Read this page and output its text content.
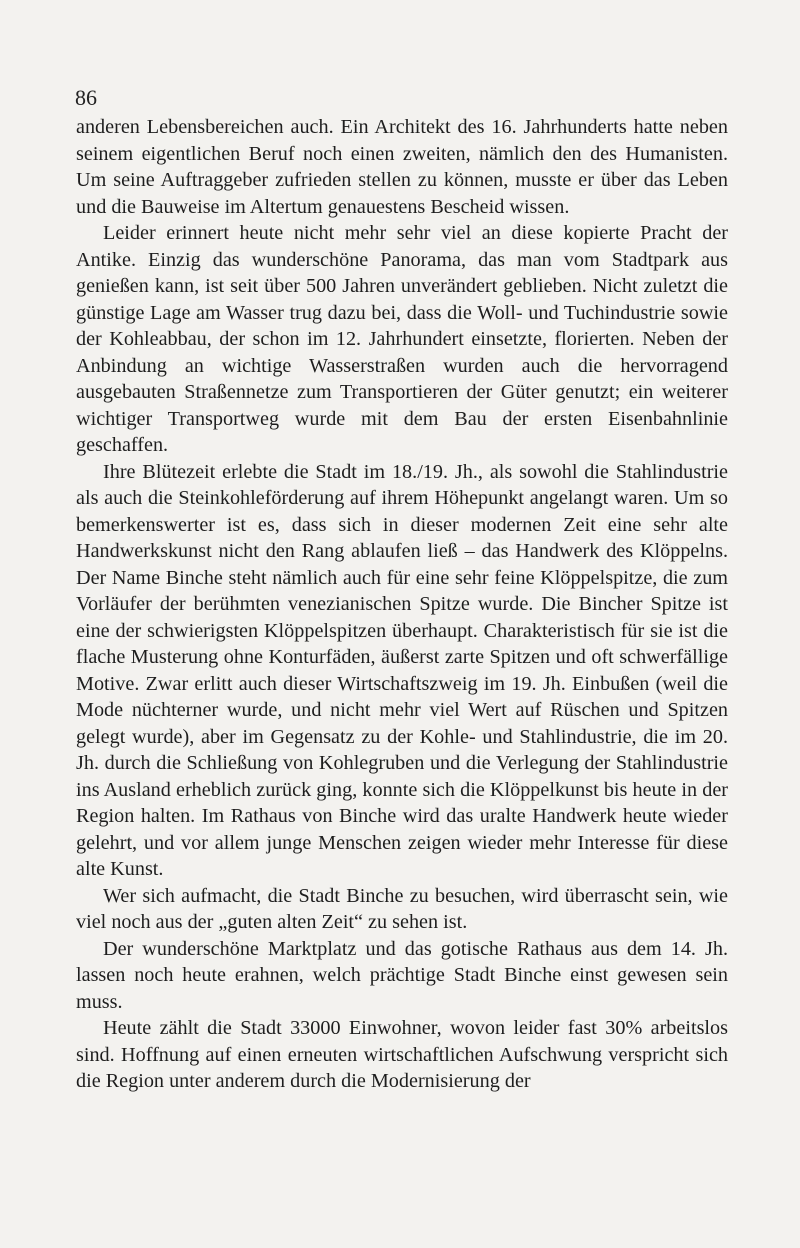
86

anderen Lebensbereichen auch. Ein Architekt des 16. Jahrhunderts hatte neben seinem eigentlichen Beruf noch einen zweiten, nämlich den des Humanisten. Um seine Auftraggeber zufrieden stellen zu können, musste er über das Leben und die Bauweise im Altertum genauestens Bescheid wissen.

Leider erinnert heute nicht mehr sehr viel an diese kopierte Pracht der Antike. Einzig das wunderschöne Panorama, das man vom Stadtpark aus genießen kann, ist seit über 500 Jahren unverändert geblieben. Nicht zuletzt die günstige Lage am Wasser trug dazu bei, dass die Woll- und Tuchindustrie sowie der Kohleabbau, der schon im 12. Jahrhundert einsetzte, florierten. Neben der Anbindung an wichtige Wasserstraßen wurden auch die hervorragend ausgebauten Straßennetze zum Transportieren der Güter genutzt; ein weiterer wichtiger Transportweg wurde mit dem Bau der ersten Eisenbahnlinie geschaffen.

Ihre Blütezeit erlebte die Stadt im 18./19. Jh., als sowohl die Stahlindustrie als auch die Steinkohleförderung auf ihrem Höhepunkt angelangt waren. Um so bemerkenswerter ist es, dass sich in dieser modernen Zeit eine sehr alte Handwerkskunst nicht den Rang ablaufen ließ – das Handwerk des Klöppelns. Der Name Binche steht nämlich auch für eine sehr feine Klöppelspitze, die zum Vorläufer der berühmten venezianischen Spitze wurde. Die Bincher Spitze ist eine der schwierigsten Klöppelspitzen überhaupt. Charakteristisch für sie ist die flache Musterung ohne Konturfäden, äußerst zarte Spitzen und oft schwerfällige Motive. Zwar erlitt auch dieser Wirtschaftszweig im 19. Jh. Einbußen (weil die Mode nüchterner wurde, und nicht mehr viel Wert auf Rüschen und Spitzen gelegt wurde), aber im Gegensatz zu der Kohle- und Stahlindustrie, die im 20. Jh. durch die Schließung von Kohlegruben und die Verlegung der Stahlindustrie ins Ausland erheblich zurück ging, konnte sich die Klöppelkunst bis heute in der Region halten. Im Rathaus von Binche wird das uralte Handwerk heute wieder gelehrt, und vor allem junge Menschen zeigen wieder mehr Interesse für diese alte Kunst.

Wer sich aufmacht, die Stadt Binche zu besuchen, wird überrascht sein, wie viel noch aus der „guten alten Zeit“ zu sehen ist.

Der wunderschöne Marktplatz und das gotische Rathaus aus dem 14. Jh. lassen noch heute erahnen, welch prächtige Stadt Binche einst gewesen sein muss.

Heute zählt die Stadt 33000 Einwohner, wovon leider fast 30% arbeitslos sind. Hoffnung auf einen erneuten wirtschaftlichen Aufschwung verspricht sich die Region unter anderem durch die Modernisierung der
